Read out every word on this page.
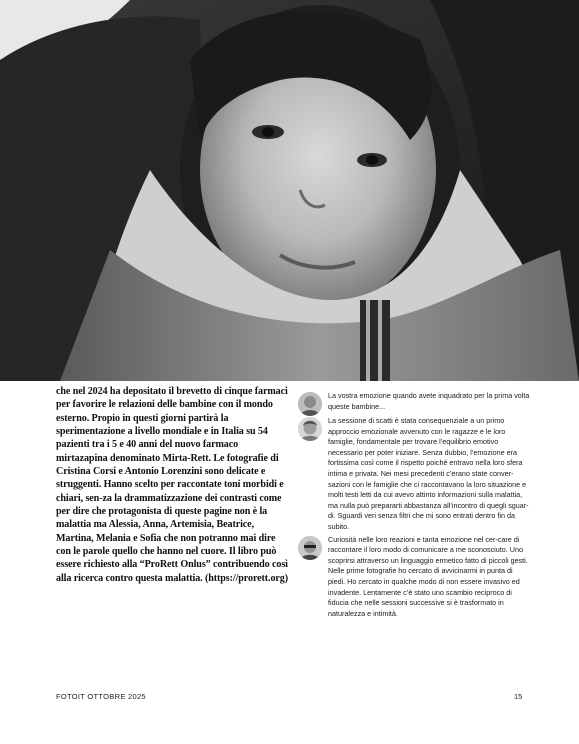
che nel 2024 ha depositato il brevetto di cinque farmaci per favorire le relazioni delle bambine con il mondo esterno. Propio in questi giorni partirà la sperimentazione a livello mondiale e in Italia su 54 pazienti tra i 5 e 40 anni del nuovo farmaco mirtazapina denominato Mirta-Rett. Le fotografie di Cristina Corsi e Antonio Lorenzini sono delicate e struggenti. Hanno scelto per raccontate toni morbidi e chiari, sen-za la drammatizzazione dei contrasti come per dire che protagonista di queste pagine non è la malattia ma Alessia, Anna, Artemisia, Beatrice, Martina, Melania e Sofia che non potranno mai dire con le parole quello che hanno nel cuore. Il libro può essere richiesto alla “ProRett Onlus” contribuendo così alla ricerca contro questa malattia. (https://prorett.org)

La vostra emozione quando avete inquadrato per la prima volta queste bambine...

La sessione di scatti è stata consequenziale a un primo approccio emozionale avvenuto con le ragazze e le loro famiglie, fondamentale per trovare l’equilibrio emotivo necessario per poter iniziare. Senza dubbio, l’emozione era fortissima così come il rispetto poiché entravo nella loro sfera intima e privata. Nei mesi precedenti c’erano state conver-sazioni con le famiglie che ci raccontavano la loro situazione e molti testi letti da cui avevo attinto informazioni sulla malattia, ma nulla può prepararti abbastanza all’incontro di quegli sguar-di. Sguardi veri senza filtri che mi sono entrati dentro fin da subito.

Curiosità nelle loro reazioni e tanta emozione nel cer-care di raccontare il loro modo di comunicare a me sconosciuto. Uno scoprirsi attraverso un linguaggio ermetico fatto di piccoli gesti. Nelle prime fotografie ho cercato di avvicinarmi in punta di piedi. Ho cercato in qualche modo di non essere invasivo ed invadente. Lentamente c’è stato uno scambio reciproco di fiducia che nelle sessioni successive si è trasformato in naturalezza e intimità.

FOTOIT OTTOBRE 2025	15
